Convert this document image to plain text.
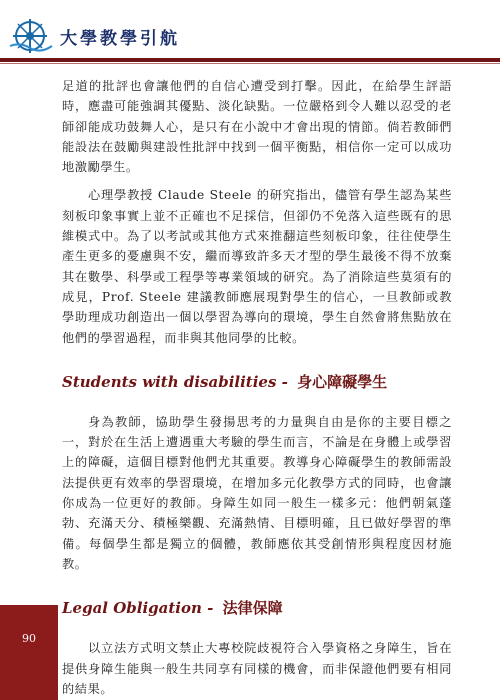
大學教學引航

足道的批評也會讓他們的自信心遭受到打擊。因此，在給學生評語時，應盡可能強調其優點、淡化缺點。一位嚴格到令人難以忍受的老師卻能成功鼓舞人心，是只有在小說中才會出現的情節。倘若教師們能設法在鼓勵與建設性批評中找到一個平衡點，相信你一定可以成功地激勵學生。

心理學教授 Claude Steele 的研究指出，儘管有學生認為某些刻板印象事實上並不正確也不足採信，但卻仍不免落入這些既有的思維模式中。為了以考試或其他方式來推翻這些刻板印象，往往使學生產生更多的憂慮與不安，繼而導致許多天才型的學生最後不得不放棄其在數學、科學或工程學等專業領域的研究。為了消除這些莫須有的成見，Prof. Steele 建議教師應展現對學生的信心，一旦教師或教學助理成功創造出一個以學習為導向的環境，學生自然會將焦點放在他們的學習過程，而非與其他同學的比較。

Students with disabilities - 身心障礙學生

身為教師，協助學生發揚思考的力量與自由是你的主要目標之一，對於在生活上遭遇重大考驗的學生而言，不論是在身體上或學習上的障礙，這個目標對他們尤其重要。教導身心障礙學生的教師需設法提供更有效率的學習環境，在增加多元化教學方式的同時，也會讓你成為一位更好的教師。身障生如同一般生一樣多元：他們朝氣蓬勃、充滿天分、積極樂觀、充滿熱情、目標明確，且已做好學習的準備。每個學生都是獨立的個體，教師應依其受創情形與程度因材施教。

Legal Obligation - 法律保障

以立法方式明文禁止大專校院歧視符合入學資格之身障生，旨在提供身障生能與一般生共同享有同樣的機會，而非保證他們要有相同的結果。

90
